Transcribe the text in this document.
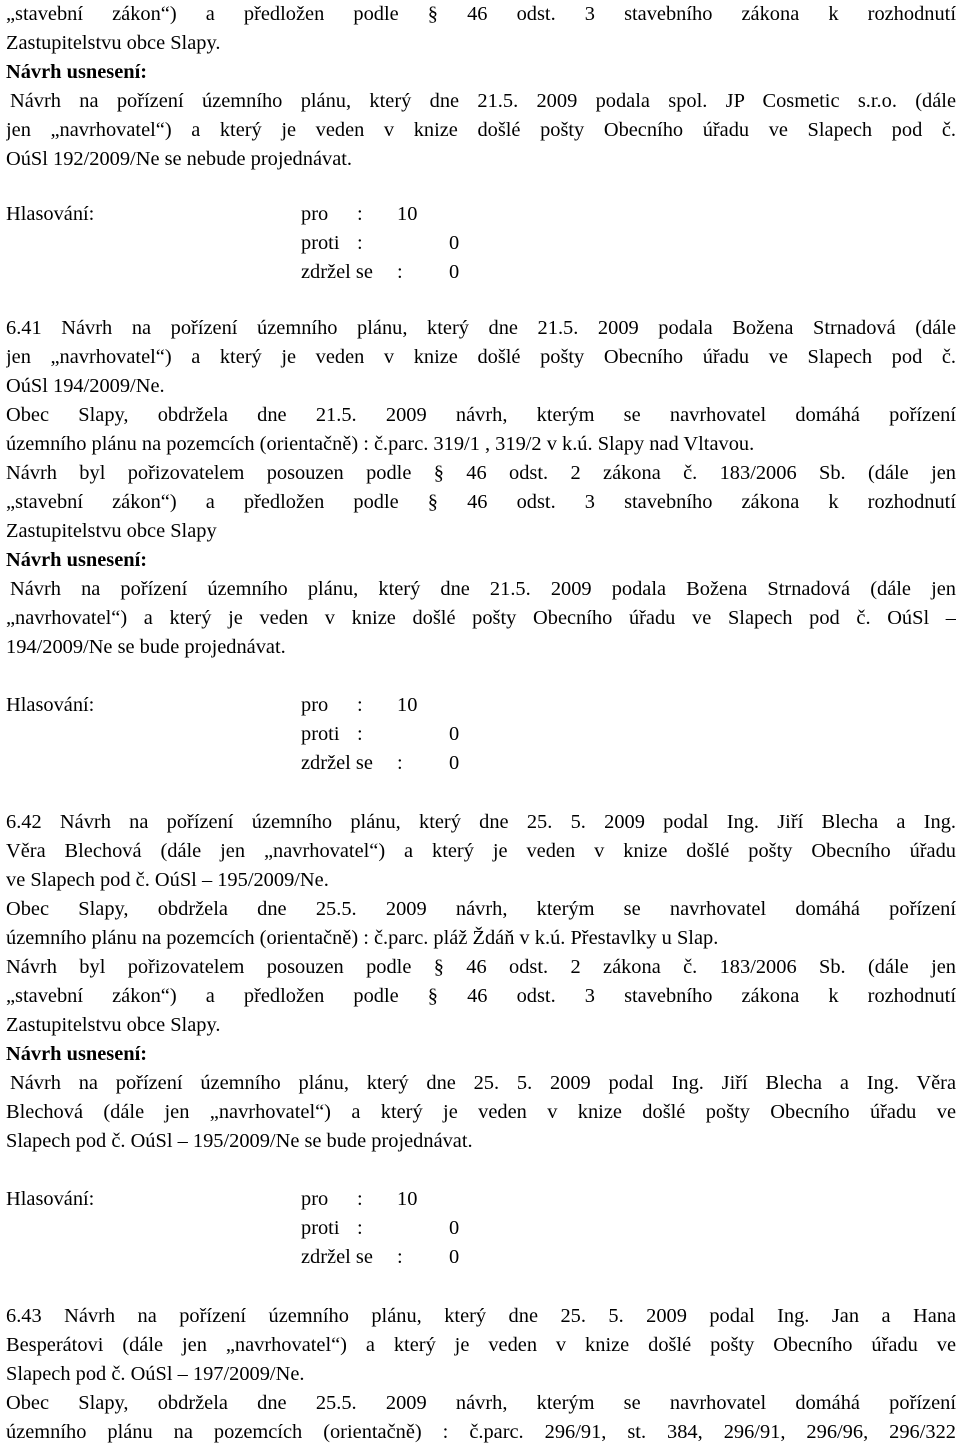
„stavební zákon“) a předložen podle § 46 odst. 3 stavebního zákona k rozhodnutí
Zastupitelstvu obce Slapy.
Návrh usnesení:
Návrh na pořízení územního plánu, který dne 21.5. 2009 podala spol. JP Cosmetic s.r.o. (dále
jen „navrhovatel“) a který je veden v knize došlé pošty Obecního úřadu ve Slapech pod č.
OúSl 192/2009/Ne se nebude projednávat.
Hlasování:	pro : 10
proti :	0
zdržel se : 0
6.41 Návrh na pořízení územního plánu, který dne 21.5. 2009 podala Božena Strnadová (dále
jen „navrhovatel“) a který je veden v knize došlé pošty Obecního úřadu ve Slapech pod č.
OúSl 194/2009/Ne.
Obec Slapy, obdržela dne 21.5. 2009 návrh, kterým se navrhovatel domáhá pořízení
územního plánu na pozemcích (orientačně) : č.parc. 319/1 , 319/2 v k.ú. Slapy nad Vltavou.
Návrh byl pořizovatelem posouzen podle § 46 odst. 2 zákona č. 183/2006 Sb. (dále jen
„stavební zákon“) a předložen podle § 46 odst. 3 stavebního zákona k rozhodnutí
Zastupitelstvu obce Slapy
Návrh usnesení:
Návrh na pořízení územního plánu, který dne 21.5. 2009 podala Božena Strnadová (dále jen
„navrhovatel“) a který je veden v knize došlé pošty Obecního úřadu ve Slapech pod č. OúSl –
194/2009/Ne se bude projednávat.
Hlasování:	pro : 10
proti :	0
zdržel se : 0
6.42 Návrh na pořízení územního plánu, který dne 25. 5. 2009 podal Ing. Jiří Blecha a Ing.
Věra Blechová (dále jen „navrhovatel“) a který je veden v knize došlé pošty Obecního úřadu
ve Slapech pod č. OúSl – 195/2009/Ne.
Obec Slapy, obdržela dne 25.5. 2009 návrh, kterým se navrhovatel domáhá pořízení
územního plánu na pozemcích (orientačně) : č.parc. pláž Ždáň v k.ú. Přestavlky u Slap.
Návrh byl pořizovatelem posouzen podle § 46 odst. 2 zákona č. 183/2006 Sb. (dále jen
„stavební zákon“) a předložen podle § 46 odst. 3 stavebního zákona k rozhodnutí
Zastupitelstvu obce Slapy.
Návrh usnesení:
Návrh na pořízení územního plánu, který dne 25. 5. 2009 podal Ing. Jiří Blecha a Ing. Věra
Blechová (dále jen „navrhovatel“) a který je veden v knize došlé pošty Obecního úřadu ve
Slapech pod č. OúSl – 195/2009/Ne se bude projednávat.
Hlasování:	pro : 10
proti :	0
zdržel se : 0
6.43 Návrh na pořízení územního plánu, který dne 25. 5. 2009 podal Ing. Jan a Hana
Besperátovi (dále jen „navrhovatel“) a který je veden v knize došlé pošty Obecního úřadu ve
Slapech pod č. OúSl – 197/2009/Ne.
Obec Slapy, obdržela dne 25.5. 2009 návrh, kterým se navrhovatel domáhá pořízení
územního plánu na pozemcích (orientačně) : č.parc. 296/91, st. 384, 296/91, 296/96, 296/322
